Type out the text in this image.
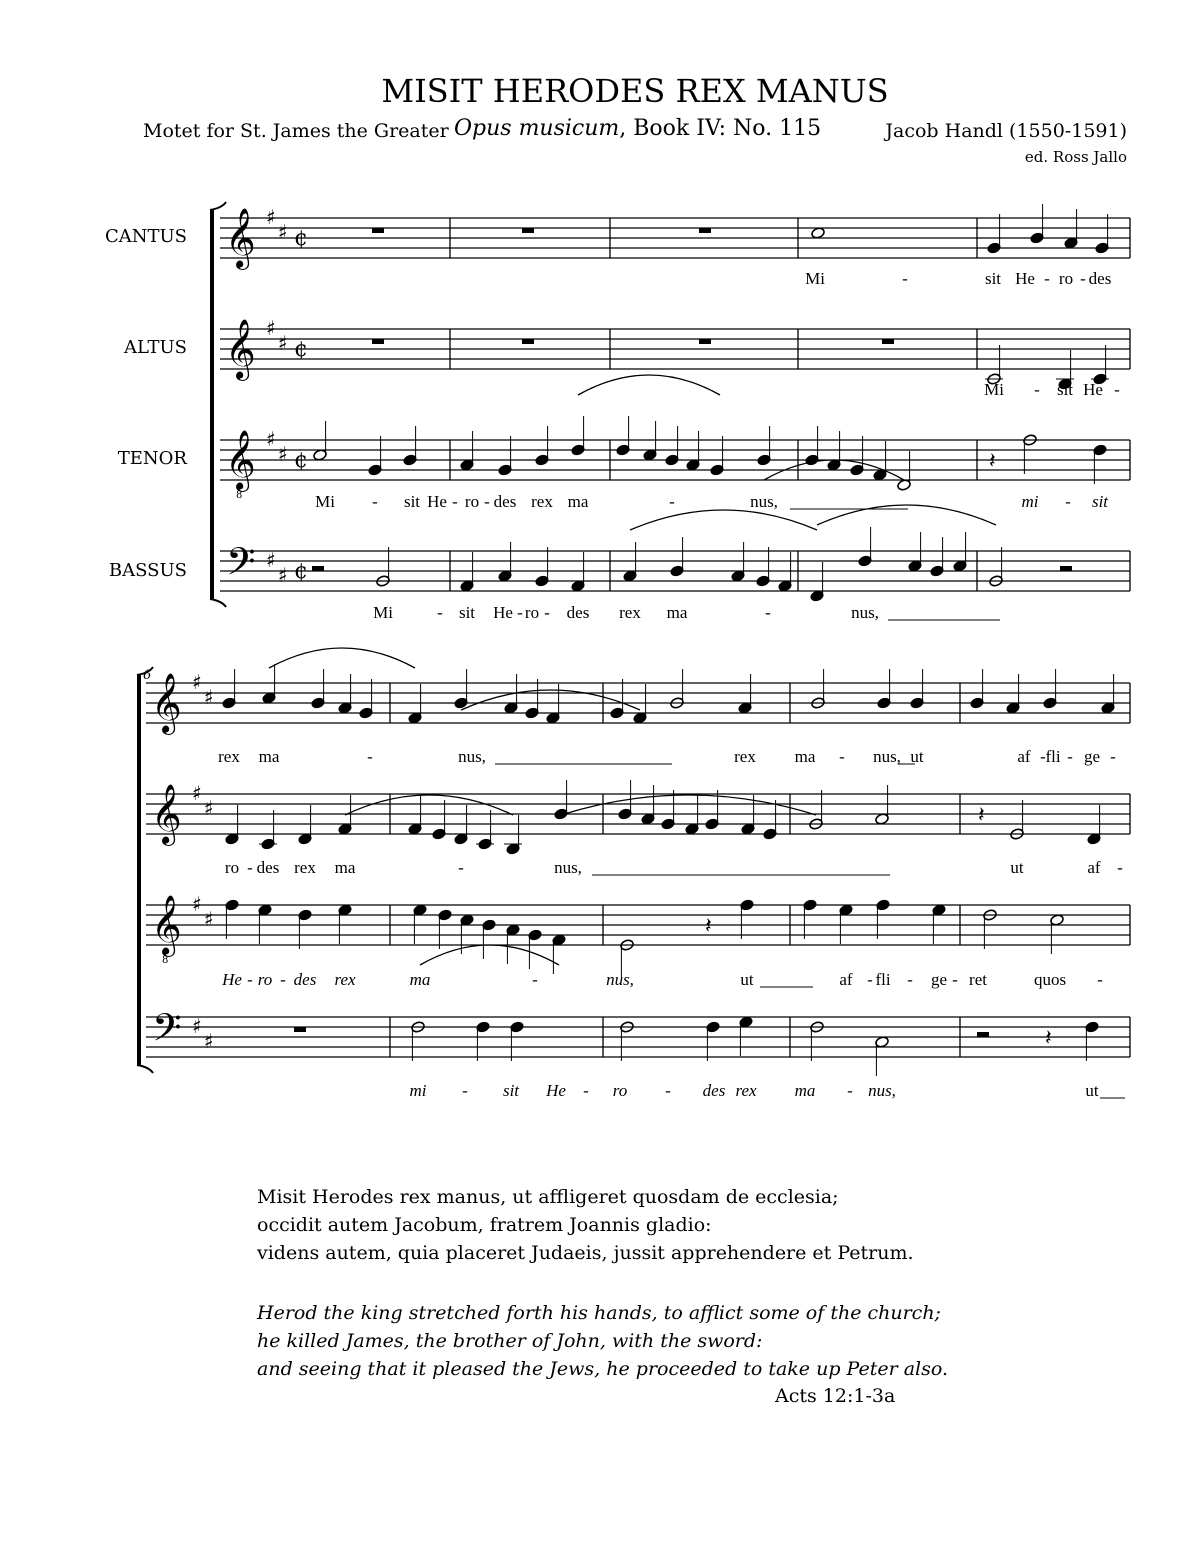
MISIT HERODES REX MANUS
Motet for St. James the Greater Opus musicum, Book IV: No. 115	Jacob Handl (1550-1591)
ed. Ross Jallo
CANTUS
ALTUS
TENOR
BASSUS
6
𝄞 ♯
♯ ¢
𝄞 ♯
♯ ¢
𝄞
8
♯
♯ ¢
𝄢 ♯
♯ ¢
𝄞 ♯
♯
𝄞 ♯
♯
𝄞
8
♯
♯
𝄢 ♯
♯
𝄽
𝄽
𝄽
𝄽
Mi	-	sit He - ro - des
Mi - sit He -
Mi - sit He - ro - des rex ma	-	nus,	mi - sit
Mi	- sit He - ro - des rex ma	-	nus,
rex ma	-	nus,	rex ma - nus, ut	af - fli - ge -
ro - des rex ma	-	nus,	ut	af -
He - ro - des rex	ma	-	nus,	ut	af - fli - ge - ret	quos -
mi - sit He - ro - des rex ma - nus,	ut
Misit Herodes rex manus, ut affligeret quosdam de ecclesia;
occidit autem Jacobum, fratrem Joannis gladio:
videns autem, quia placeret Judaeis, jussit apprehendere et Petrum.
Herod the king stretched forth his hands, to afflict some of the church;
he killed James, the brother of John, with the sword:
and seeing that it pleased the Jews, he proceeded to take up Peter also.
Acts 12:1-3a
